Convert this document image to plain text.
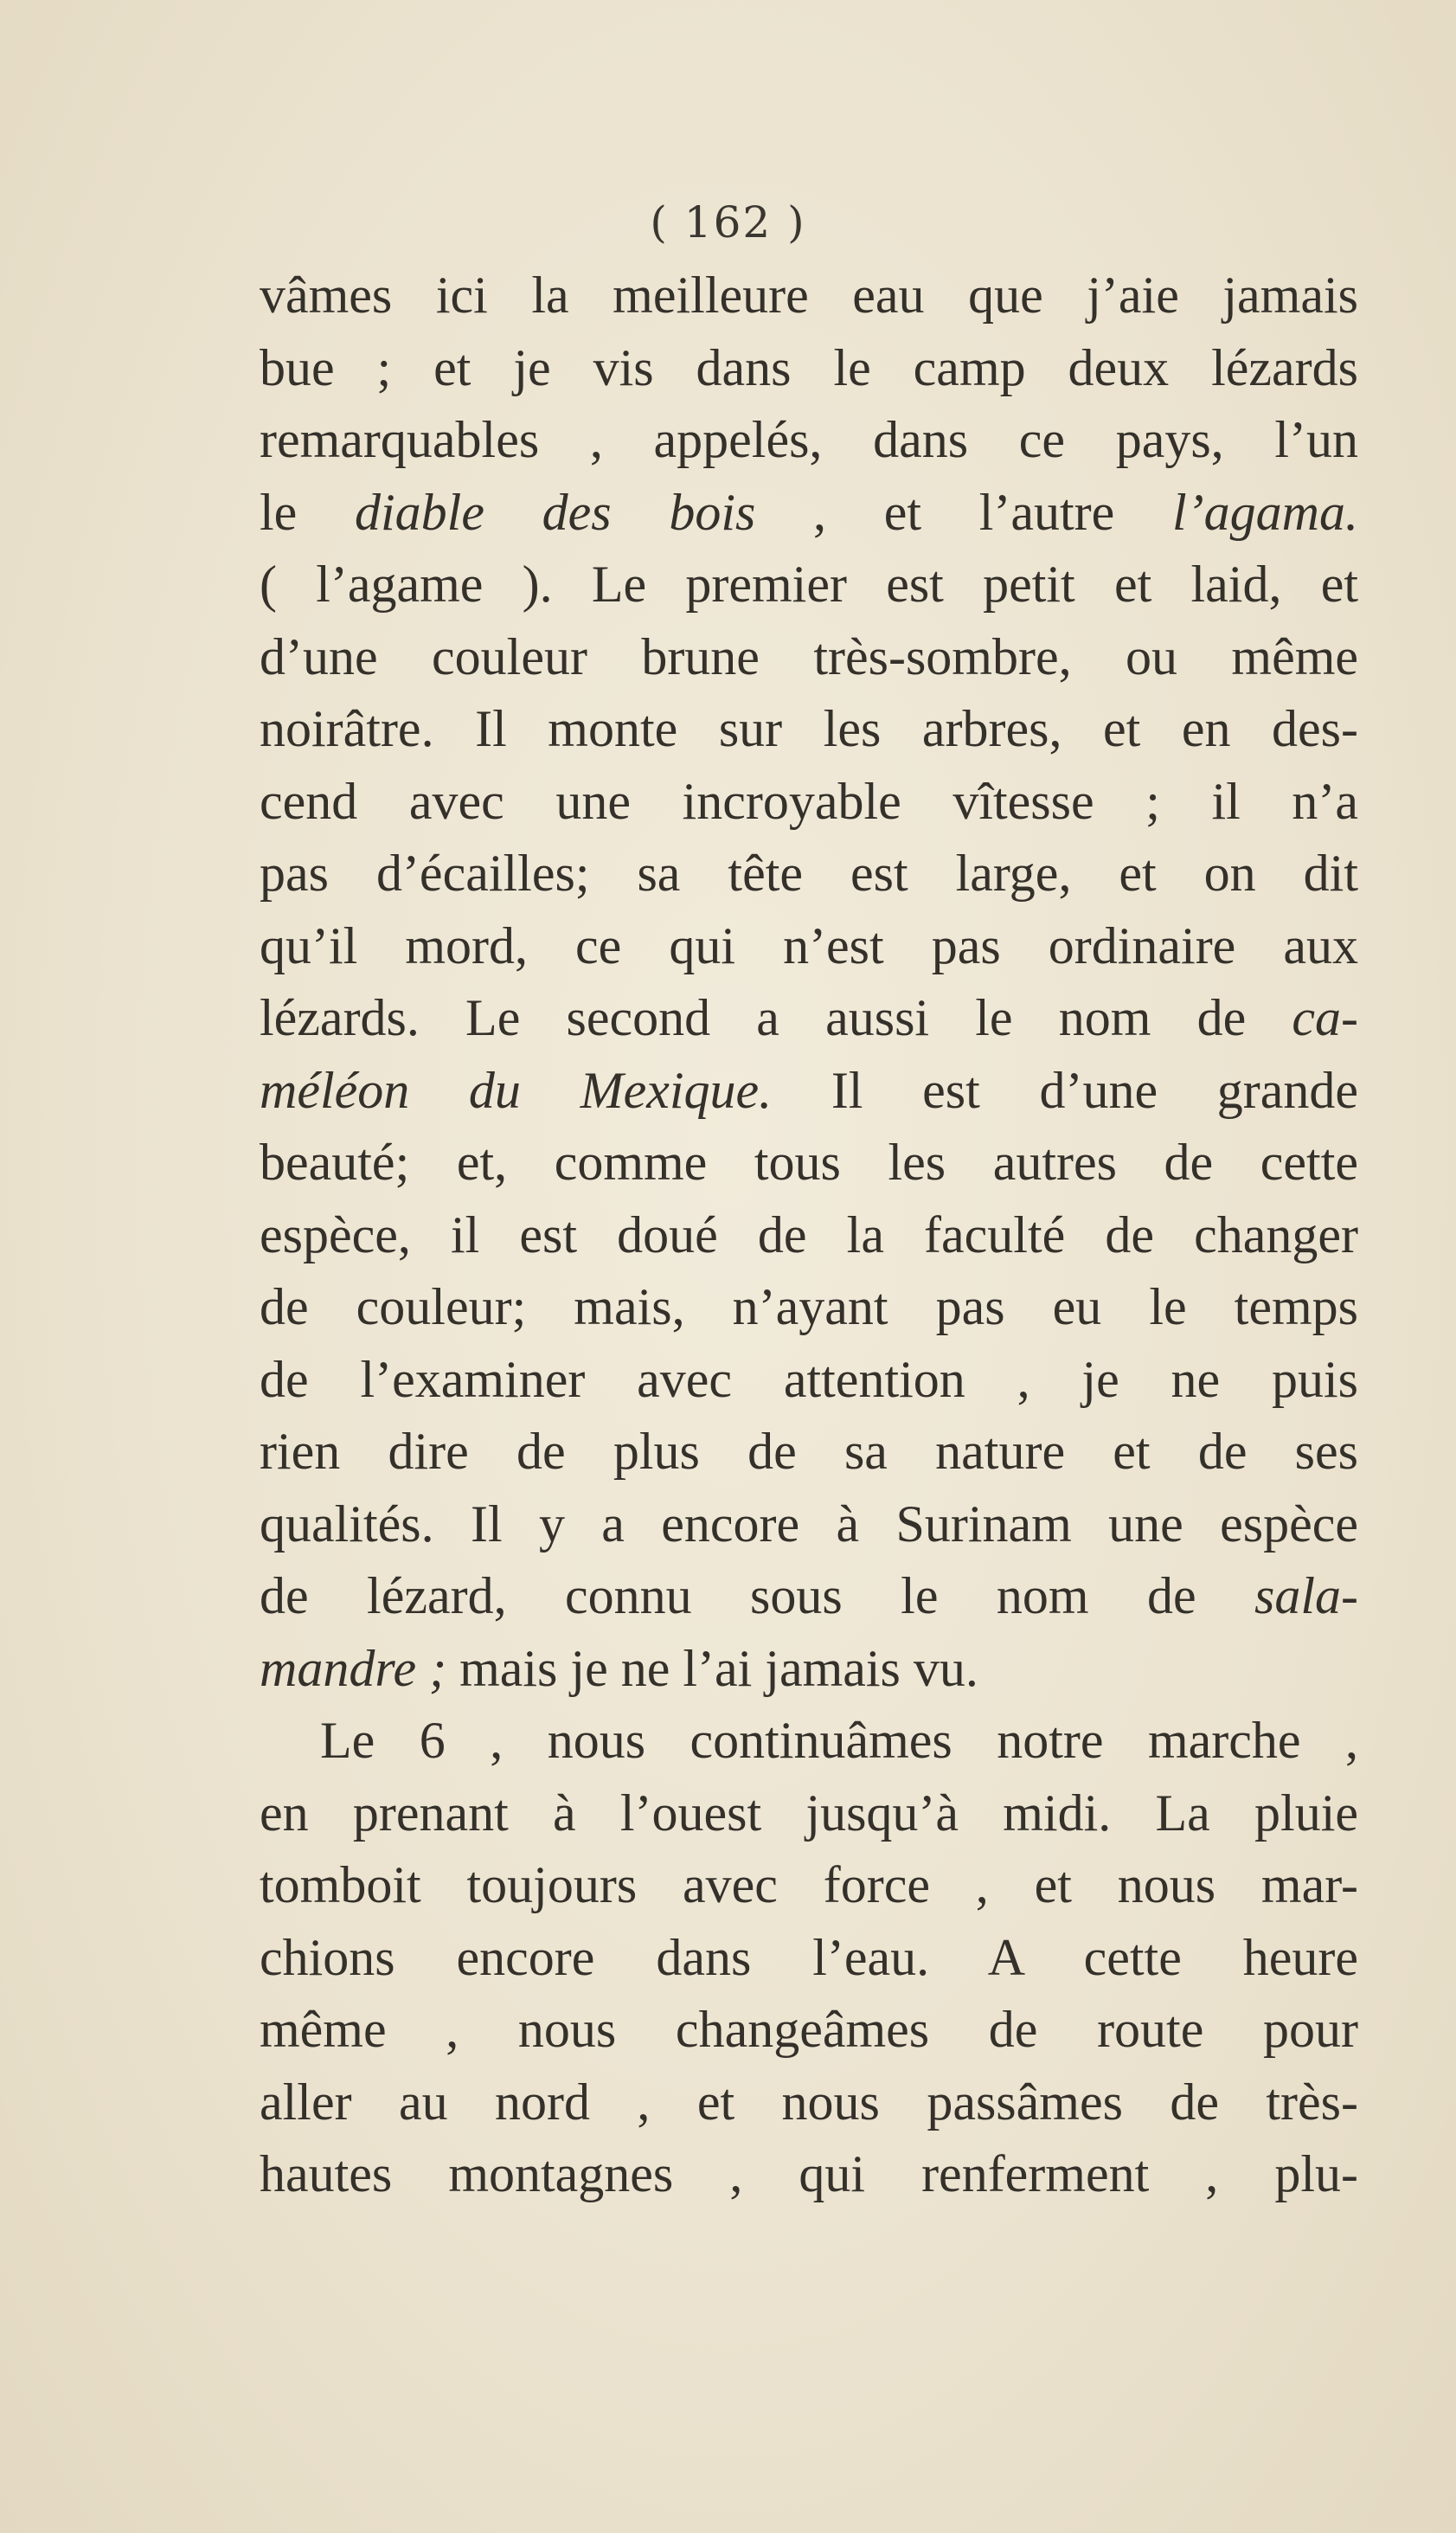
( 162 )
vâmes ici la meilleure eau que j’aie jamais
bue ; et je vis dans le camp deux lézards
remarquables , appelés, dans ce pays, l’un
le diable des bois , et l’autre l’agama.
( l’agame ). Le premier est petit et laid, et
d’une couleur brune très-sombre, ou même
noirâtre. Il monte sur les arbres, et en des-
cend avec une incroyable vîtesse ; il n’a
pas d’écailles; sa tête est large, et on dit
qu’il mord, ce qui n’est pas ordinaire aux
lézards. Le second a aussi le nom de ca-
méléon du Mexique. Il est d’une grande
beauté; et, comme tous les autres de cette
espèce, il est doué de la faculté de changer
de couleur; mais, n’ayant pas eu le temps
de l’examiner avec attention , je ne puis
rien dire de plus de sa nature et de ses
qualités. Il y a encore à Surinam une espèce
de lézard, connu sous le nom de sala-
mandre ; mais je ne l’ai jamais vu.
Le 6 , nous continuâmes notre marche ,
en prenant à l’ouest jusqu’à midi. La pluie
tomboit toujours avec force , et nous mar-
chions encore dans l’eau. A cette heure
même , nous changeâmes de route pour
aller au nord , et nous passâmes de très-
hautes montagnes , qui renferment , plu-
